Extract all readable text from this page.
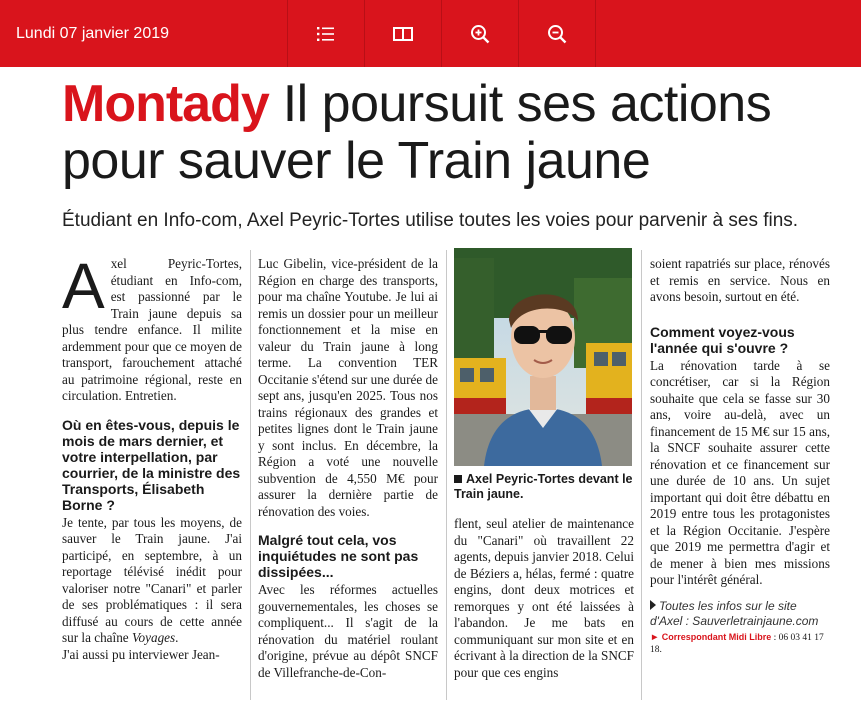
Lundi 07 janvier 2019
Montady Il poursuit ses actions
pour sauver le Train jaune
Étudiant en Info-com, Axel Peyric-Tortes utilise toutes les voies pour parvenir à ses fins.

Axel Peyric-Tortes, étudiant en Info-com, est passionné par le Train jaune depuis sa plus tendre enfance. Il milite ardemment pour que ce moyen de transport, farouchement attaché au patrimoine régional, reste en circulation. Entretien.

Où en êtes-vous, depuis le mois de mars dernier, et votre interpellation, par courrier, de la ministre des Transports, Élisabeth Borne ?

Je tente, par tous les moyens, de sauver le Train jaune. J'ai participé, en septembre, à un reportage télévisé inédit pour valoriser notre "Canari" et parler de ses problématiques : il sera diffusé au cours de cette année sur la chaîne Voyages.

J'ai aussi pu interviewer Jean-

Luc Gibelin, vice-président de la Région en charge des transports, pour ma chaîne Youtube. Je lui ai remis un dossier pour un meilleur fonctionnement et la mise en valeur du Train jaune à long terme. La convention TER Occitanie s'étend sur une durée de sept ans, jusqu'en 2025. Tous nos trains régionaux des grandes et petites lignes dont le Train jaune y sont inclus. En décembre, la Région a voté une nouvelle subvention de 4,550 M€ pour assurer la dernière partie de rénovation des voies.

Malgré tout cela, vos inquiétudes ne sont pas dissipées...

Avec les réformes actuelles gouvernementales, les choses se compliquent... Il s'agit de la rénovation du matériel roulant d'origine, prévue au dépôt SNCF de Villefranche-de-Con-

Axel Peyric-Tortes devant le Train jaune.

flent, seul atelier de maintenance du "Canari" où travaillent 22 agents, depuis janvier 2018. Celui de Béziers a, hélas, fermé : quatre engins, dont deux motrices et remorques y ont été laissées à l'abandon. Je me bats en communiquant sur mon site et en écrivant à la direction de la SNCF pour que ces engins

soient rapatriés sur place, rénovés et remis en service. Nous en avons besoin, surtout en été.

Comment voyez-vous l'année qui s'ouvre ?

La rénovation tarde à se concrétiser, car si la Région souhaite que cela se fasse sur 30 ans, voire au-delà, avec un financement de 15 M€ sur 15 ans, la SNCF souhaite assurer cette rénovation et ce financement sur une durée de 10 ans. Un sujet important qui doit être débattu en 2019 entre tous les protagonistes et la Région Occitanie. J'espère que 2019 me permettra d'agir et de mener à bien mes missions pour l'intérêt général.

Toutes les infos sur le site d'Axel : Sauverletrainjaune.com

► Correspondant Midi Libre : 06 03 41 17 18.
